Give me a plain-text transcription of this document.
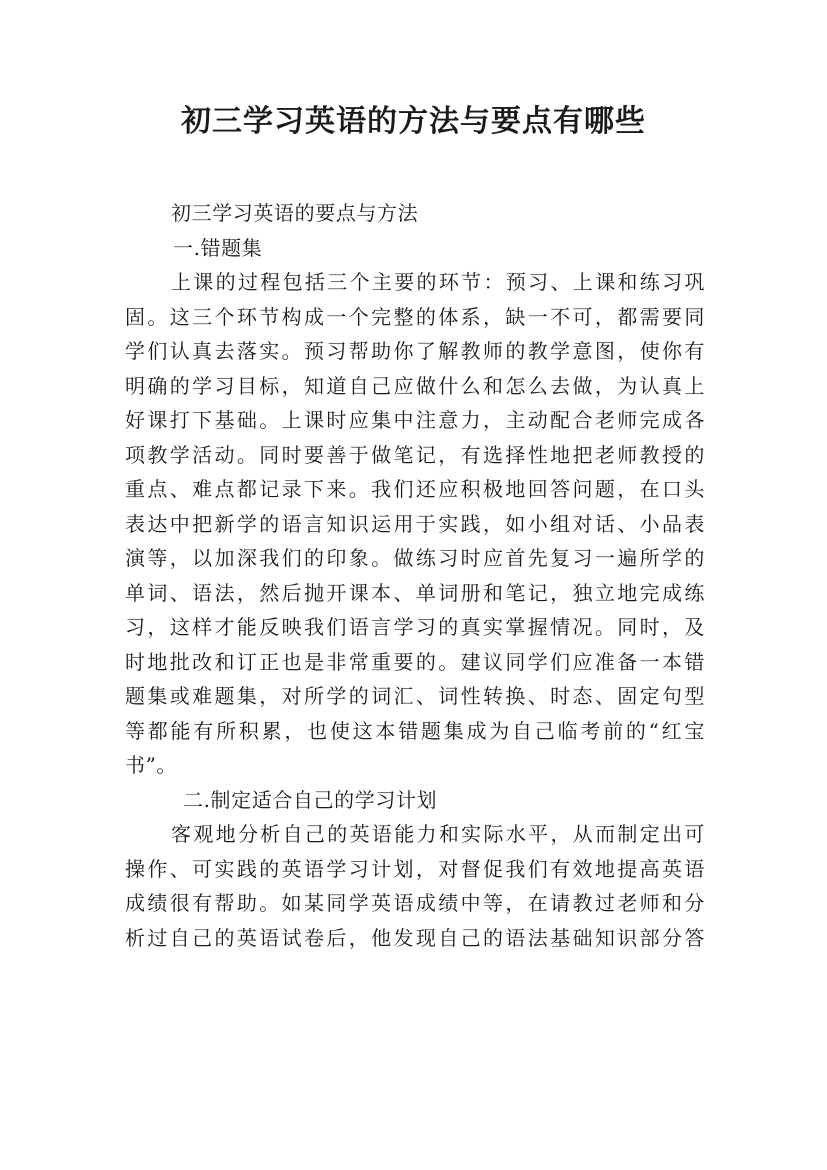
初三学习英语的方法与要点有哪些

初三学习英语的要点与方法

一.错题集

上课的过程包括三个主要的环节：预习、上课和练习巩
固。这三个环节构成一个完整的体系，缺一不可，都需要同
学们认真去落实。预习帮助你了解教师的教学意图，使你有
明确的学习目标，知道自己应做什么和怎么去做，为认真上
好课打下基础。上课时应集中注意力，主动配合老师完成各
项教学活动。同时要善于做笔记，有选择性地把老师教授的
重点、难点都记录下来。我们还应积极地回答问题，在口头
表达中把新学的语言知识运用于实践，如小组对话、小品表
演等，以加深我们的印象。做练习时应首先复习一遍所学的
单词、语法，然后抛开课本、单词册和笔记，独立地完成练
习，这样才能反映我们语言学习的真实掌握情况。同时，及
时地批改和订正也是非常重要的。建议同学们应准备一本错
题集或难题集，对所学的词汇、词性转换、时态、固定句型
等都能有所积累，也使这本错题集成为自己临考前的“红宝
书”。

二.制定适合自己的学习计划

客观地分析自己的英语能力和实际水平，从而制定出可
操作、可实践的英语学习计划，对督促我们有效地提高英语
成绩很有帮助。如某同学英语成绩中等，在请教过老师和分
析过自己的英语试卷后，他发现自己的语法基础知识部分答
